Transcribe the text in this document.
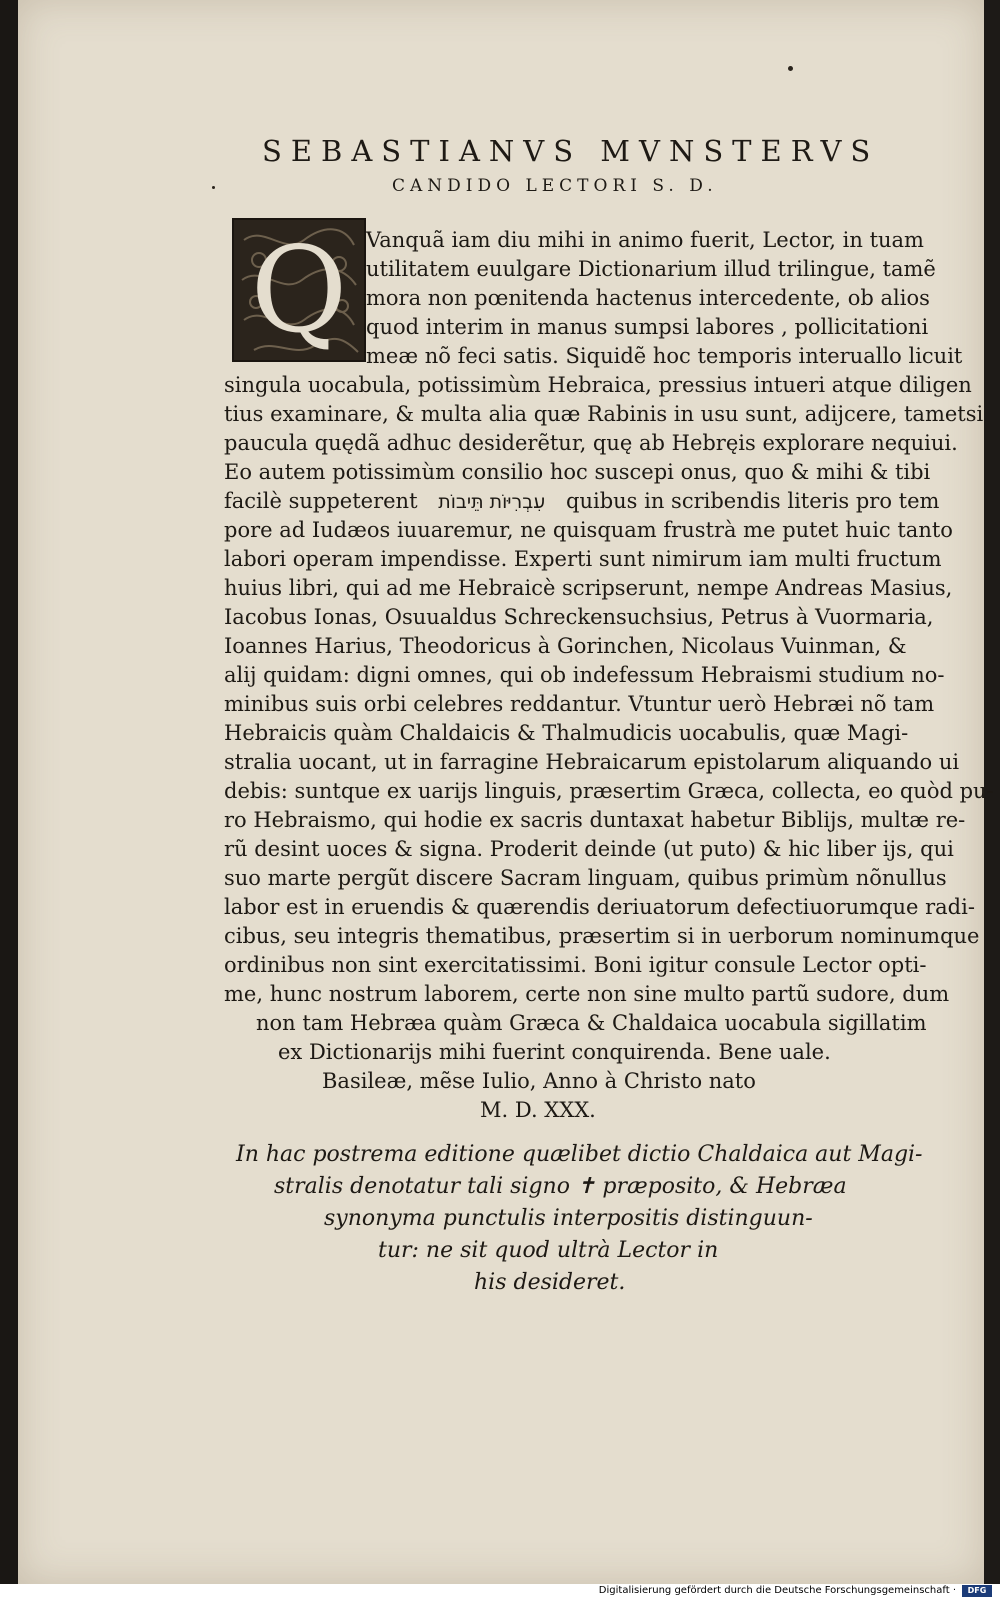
SEBASTIANVS MVNSTERVS
CANDIDO LECTORI S. D.
Q Vanquã iam diu mihi in animo fuerit, Lector, in tuam
utilitatem euulgare Dictionarium illud trilingue, tamẽ
mora non pœnitenda hactenus intercedente, ob alios
quod interim in manus sumpsi labores , pollicitationi
meæ nõ feci satis. Siquidẽ hoc temporis interuallo licuit
singula uocabula, potissimùm Hebraica, pressius intueri atque diligen
tius examinare, & multa alia quæ Rabinis in usu sunt, adijcere, tametsi
paucula quędã adhuc desiderẽtur, quę ab Hebręis explorare nequiui.
Eo autem potissimùm consilio hoc suscepi onus, quo & mihi & tibi
facilè suppeterent עִבְרִיּוֹת תֵּיבוֹת quibus in scribendis literis pro tem
pore ad Iudæos iuuaremur, ne quisquam frustrà me putet huic tanto
labori operam impendisse. Experti sunt nimirum iam multi fructum
huius libri, qui ad me Hebraicè scripserunt, nempe Andreas Masius,
Iacobus Ionas, Osuualdus Schreckensuchsius, Petrus à Vuormaria,
Ioannes Harius, Theodoricus à Gorinchen, Nicolaus Vuinman, &
alij quidam: digni omnes, qui ob indefessum Hebraismi studium no-
minibus suis orbi celebres reddantur. Vtuntur uerò Hebræi nõ tam
Hebraicis quàm Chaldaicis & Thalmudicis uocabulis, quæ Magi-
stralia uocant, ut in farragine Hebraicarum epistolarum aliquando ui
debis: suntque ex uarijs linguis, præsertim Græca, collecta, eo quòd pu-
ro Hebraismo, qui hodie ex sacris duntaxat habetur Biblijs, multæ re-
rũ desint uoces & signa. Proderit deinde (ut puto) & hic liber ijs, qui
suo marte pergũt discere Sacram linguam, quibus primùm nõnullus
labor est in eruendis & quærendis deriuatorum defectiuorumque radi-
cibus, seu integris thematibus, præsertim si in uerborum nominumque
ordinibus non sint exercitatissimi. Boni igitur consule Lector opti-
me, hunc nostrum laborem, certe non sine multo partũ sudore, dum
non tam Hebræa quàm Græca & Chaldaica uocabula sigillatim
ex Dictionarijs mihi fuerint conquirenda. Bene uale.
Basileæ, mẽse Iulio, Anno à Christo nato
M. D. XXX.
In hac postrema editione quælibet dictio Chaldaica aut Magi-
stralis denotatur tali signo ✝ præposito, & Hebræa
synonyma punctulis interpositis distinguun-
tur: ne sit quod ultrà Lector in
his desideret.
Digitalisierung gefördert durch die Deutsche Forschungsgemeinschaft ·	DFG
